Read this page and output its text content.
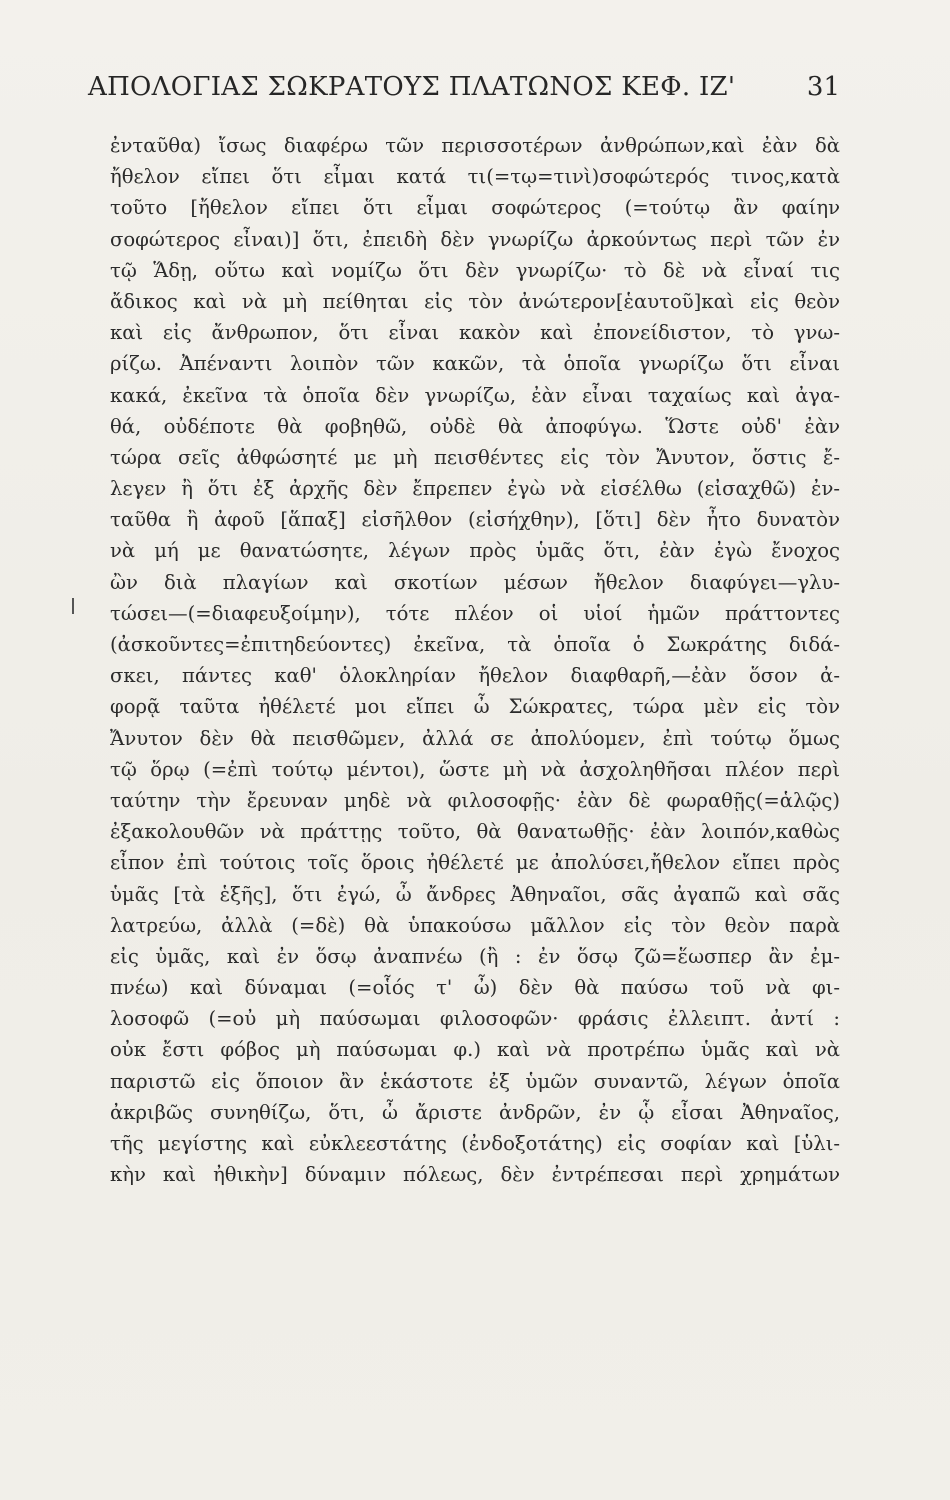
ΑΠΟΛΟΓΙΑΣ ΣΩΚΡΑΤΟΥΣ ΠΛΑΤΩΝΟΣ ΚΕΦ. ΙΖ'	31
ἐνταῦθα) ἴσως διαφέρω τῶν περισσοτέρων ἀνθρώπων,καὶ ἐὰν δὰ
ἤθελον εἴπει ὅτι εἶμαι κατά τι(=τῳ=τινὶ)σοφώτερός τινος,κατὰ
τοῦτο [ἤθελον εἴπει ὅτι εἶμαι σοφώτερος (=τούτῳ ἂν φαίην
σοφώτερος εἶναι)] ὅτι, ἐπειδὴ δὲν γνωρίζω ἀρκούντως περὶ τῶν ἐν
τῷ Ἅδῃ, οὕτω καὶ νομίζω ὅτι δὲν γνωρίζω· τὸ δὲ νὰ εἶναί τις
ἄδικος καὶ νὰ μὴ πείθηται εἰς τὸν ἀνώτερον[ἑαυτοῦ]καὶ εἰς θεὸν
καὶ εἰς ἄνθρωπον, ὅτι εἶναι κακὸν καὶ ἐπονείδιστον, τὸ γνω-
ρίζω. Ἀπέναντι λοιπὸν τῶν κακῶν, τὰ ὁποῖα γνωρίζω ὅτι εἶναι
κακά, ἐκεῖνα τὰ ὁποῖα δὲν γνωρίζω, ἐὰν εἶναι ταχαίως καὶ ἀγα-
θά, οὐδέποτε θὰ φοβηθῶ, οὐδὲ θὰ ἀποφύγω. Ὥστε οὐδ' ἐὰν
τώρα σεῖς ἀθφώσητέ με μὴ πεισθέντες εἰς τὸν Ἄνυτον, ὅστις ἔ-
λεγεν ἢ ὅτι ἐξ ἀρχῆς δὲν ἔπρεπεν ἐγὼ νὰ εἰσέλθω (εἰσαχθῶ) ἐν-
ταῦθα ἢ ἀφοῦ [ἅπαξ] εἰσῆλθον (εἰσήχθην), [ὅτι] δὲν ἦτο δυνατὸν
νὰ μή με θανατώσητε, λέγων πρὸς ὑμᾶς ὅτι, ἐὰν ἐγὼ ἔνοχος
ὢν διὰ πλαγίων καὶ σκοτίων μέσων ἤθελον διαφύγει—γλυ-
τώσει—(=διαφευξοίμην), τότε πλέον οἱ υἱοί ἡμῶν πράττοντες
(ἀσκοῦντες=ἐπιτηδεύοντες) ἐκεῖνα, τὰ ὁποῖα ὁ Σωκράτης διδά-
σκει, πάντες καθ' ὁλοκληρίαν ἤθελον διαφθαρῆ,—ἐὰν ὅσον ἀ-
φορᾷ ταῦτα ἠθέλετέ μοι εἴπει ὦ Σώκρατες, τώρα μὲν εἰς τὸν
Ἄνυτον δὲν θὰ πεισθῶμεν, ἀλλά σε ἀπολύομεν, ἐπὶ τούτῳ ὅμως
τῷ ὅρῳ (=ἐπὶ τούτῳ μέντοι), ὥστε μὴ νὰ ἀσχοληθῆσαι πλέον περὶ
ταύτην τὴν ἔρευναν μηδὲ νὰ φιλοσοφῇς· ἐὰν δὲ φωραθῇς(=ἁλῷς)
ἐξακολουθῶν νὰ πράττῃς τοῦτο, θὰ θανατωθῇς· ἐὰν λοιπόν,καθὼς
εἶπον ἐπὶ τούτοις τοῖς ὅροις ἠθέλετέ με ἀπολύσει,ἤθελον εἴπει πρὸς
ὑμᾶς [τὰ ἑξῆς], ὅτι ἐγώ, ὦ ἄνδρες Ἀθηναῖοι, σᾶς ἀγαπῶ καὶ σᾶς
λατρεύω, ἀλλὰ (=δὲ) θὰ ὑπακούσω μᾶλλον εἰς τὸν θεὸν παρὰ
εἰς ὑμᾶς, καὶ ἐν ὅσῳ ἀναπνέω (ἢ : ἐν ὅσῳ ζῶ=ἕωσπερ ἂν ἐμ-
πνέω) καὶ δύναμαι (=οἷός τ' ὦ) δὲν θὰ παύσω τοῦ νὰ φι-
λοσοφῶ (=οὐ μὴ παύσωμαι φιλοσοφῶν· φράσις ἐλλειπτ. ἀντί :
οὐκ ἔστι φόβος μὴ παύσωμαι φ.) καὶ νὰ προτρέπω ὑμᾶς καὶ νὰ
παριστῶ εἰς ὅποιον ἂν ἑκάστοτε ἐξ ὑμῶν συναντῶ, λέγων ὁποῖα
ἀκριβῶς συνηθίζω, ὅτι, ὦ ἄριστε ἀνδρῶν, ἐν ᾧ εἶσαι Ἀθηναῖος,
τῆς μεγίστης καὶ εὐκλεεστάτης (ἐνδοξοτάτης) εἰς σοφίαν καὶ [ὑλι-
κὴν καὶ ἠθικὴν] δύναμιν πόλεως, δὲν ἐντρέπεσαι περὶ χρημάτων
